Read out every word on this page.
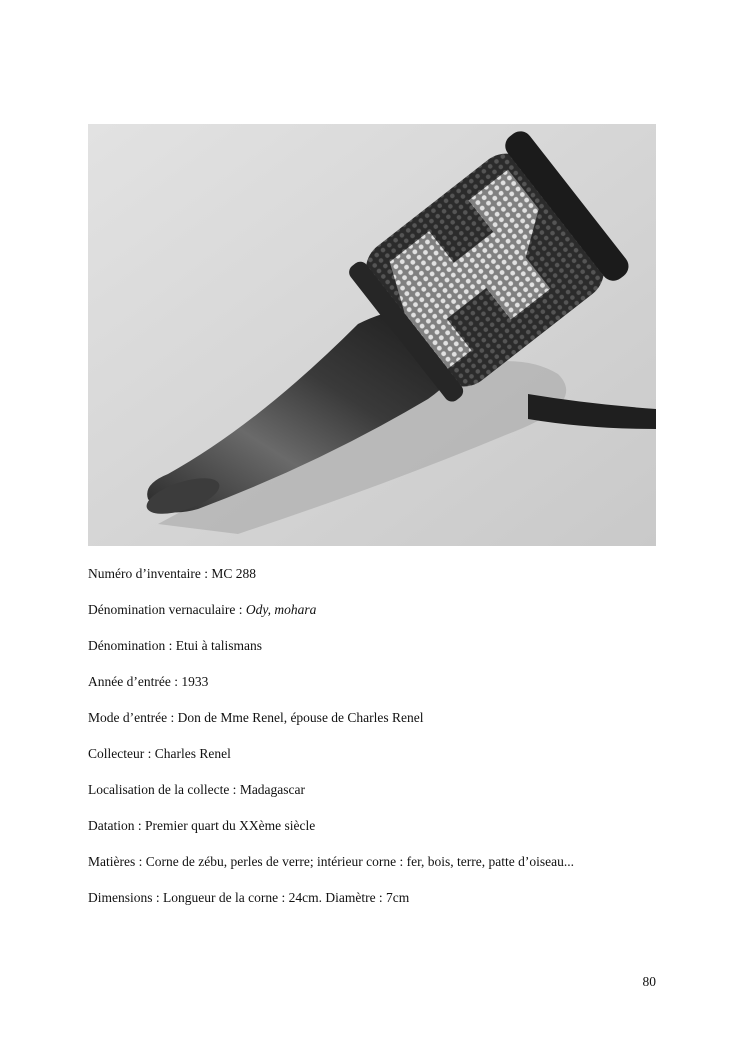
Numéro d’inventaire : MC 288
Dénomination vernaculaire : Ody, mohara
Dénomination : Etui à talismans
Année d’entrée : 1933
Mode d’entrée : Don de Mme Renel, épouse de Charles Renel
Collecteur : Charles Renel
Localisation de la collecte : Madagascar
Datation : Premier quart du XXème siècle
Matières : Corne de zébu, perles de verre; intérieur corne : fer, bois, terre, patte d’oiseau...
Dimensions : Longueur de la corne : 24cm. Diamètre : 7cm
80
